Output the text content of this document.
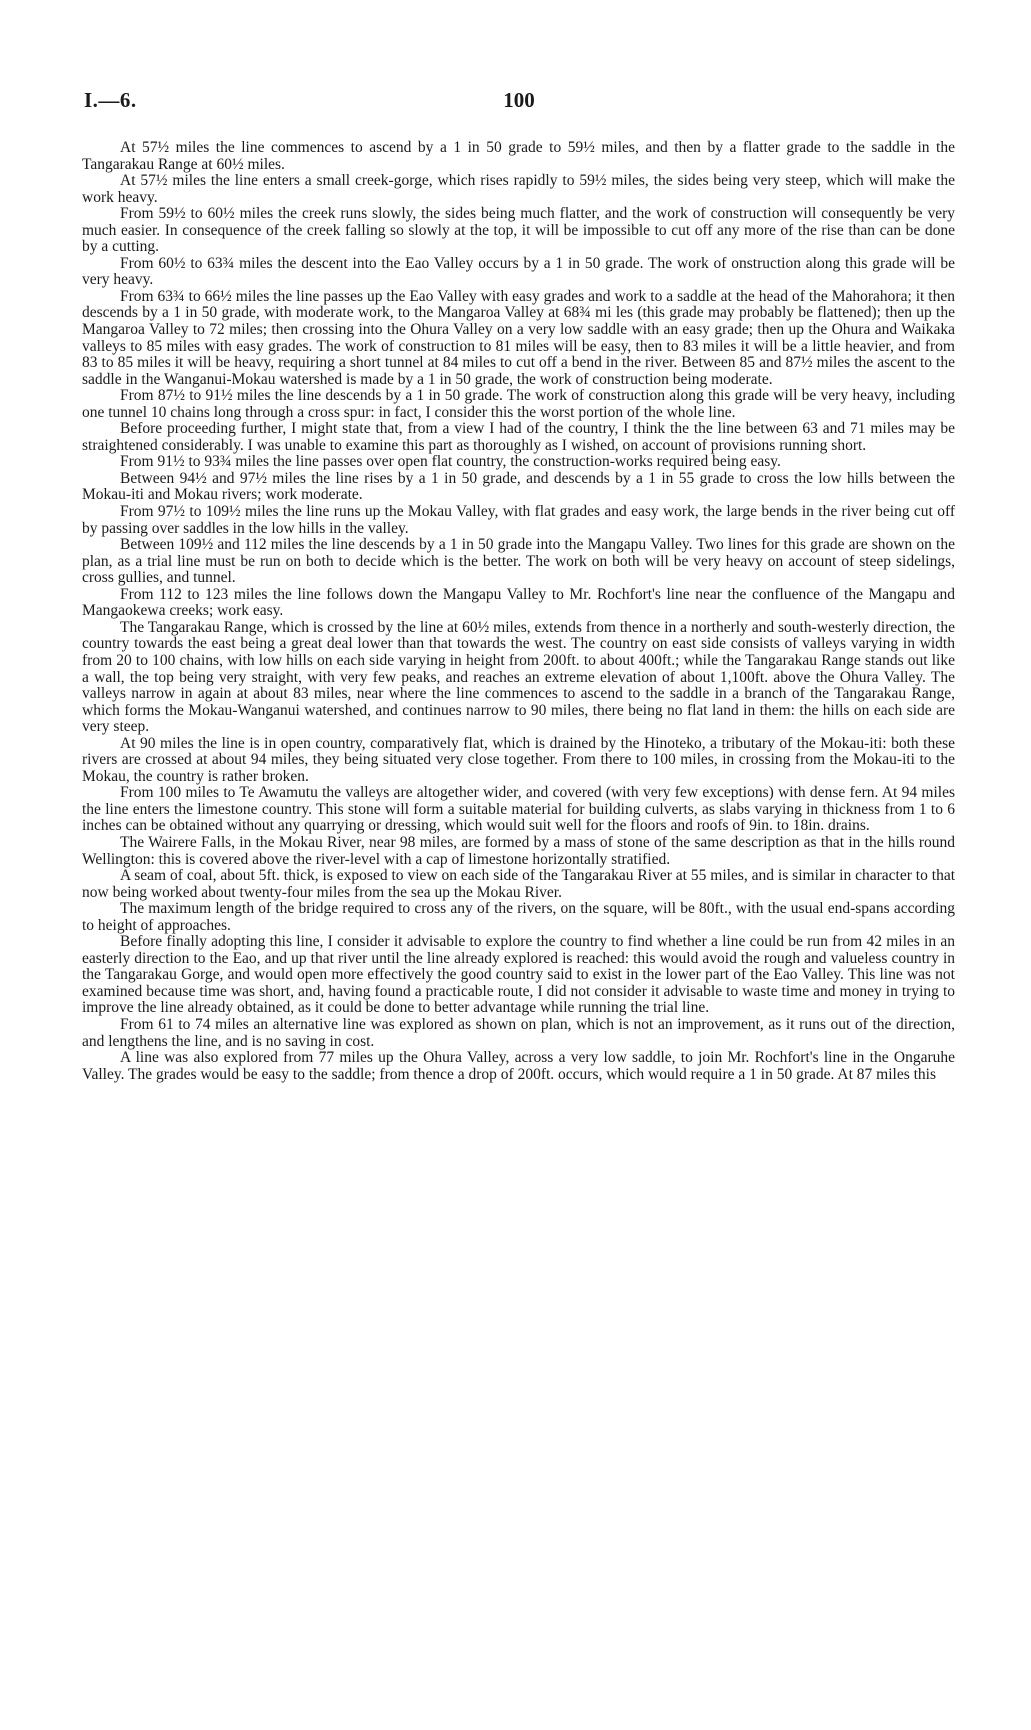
I.—6.	100

At 57½ miles the line commences to ascend by a 1 in 50 grade to 59½ miles, and then by a flatter grade to the saddle in the Tangarakau Range at 60½ miles.

At 57½ miles the line enters a small creek-gorge, which rises rapidly to 59½ miles, the sides being very steep, which will make the work heavy.

From 59½ to 60½ miles the creek runs slowly, the sides being much flatter, and the work of construction will consequently be very much easier. In consequence of the creek falling so slowly at the top, it will be impossible to cut off any more of the rise than can be done by a cutting.

From 60½ to 63¾ miles the descent into the Eao Valley occurs by a 1 in 50 grade. The work of onstruction along this grade will be very heavy.

From 63¾ to 66½ miles the line passes up the Eao Valley with easy grades and work to a saddle at the head of the Mahorahora; it then descends by a 1 in 50 grade, with moderate work, to the Mangaroa Valley at 68¾ mi les (this grade may probably be flattened); then up the Mangaroa Valley to 72 miles; then crossing into the Ohura Valley on a very low saddle with an easy grade; then up the Ohura and Waikaka valleys to 85 miles with easy grades. The work of construction to 81 miles will be easy, then to 83 miles it will be a little heavier, and from 83 to 85 miles it will be heavy, requiring a short tunnel at 84 miles to cut off a bend in the river. Between 85 and 87½ miles the ascent to the saddle in the Wanganui-Mokau watershed is made by a 1 in 50 grade, the work of construction being moderate.

From 87½ to 91½ miles the line descends by a 1 in 50 grade. The work of construction along this grade will be very heavy, including one tunnel 10 chains long through a cross spur: in fact, I consider this the worst portion of the whole line.

Before proceeding further, I might state that, from a view I had of the country, I think the the line between 63 and 71 miles may be straightened considerably. I was unable to examine this part as thoroughly as I wished, on account of provisions running short.

From 91½ to 93¾ miles the line passes over open flat country, the construction-works required being easy.

Between 94½ and 97½ miles the line rises by a 1 in 50 grade, and descends by a 1 in 55 grade to cross the low hills between the Mokau-iti and Mokau rivers; work moderate.

From 97½ to 109½ miles the line runs up the Mokau Valley, with flat grades and easy work, the large bends in the river being cut off by passing over saddles in the low hills in the valley.

Between 109½ and 112 miles the line descends by a 1 in 50 grade into the Mangapu Valley. Two lines for this grade are shown on the plan, as a trial line must be run on both to decide which is the better. The work on both will be very heavy on account of steep sidelings, cross gullies, and tunnel.

From 112 to 123 miles the line follows down the Mangapu Valley to Mr. Rochfort's line near the confluence of the Mangapu and Mangaokewa creeks; work easy.

The Tangarakau Range, which is crossed by the line at 60½ miles, extends from thence in a northerly and south-westerly direction, the country towards the east being a great deal lower than that towards the west. The country on east side consists of valleys varying in width from 20 to 100 chains, with low hills on each side varying in height from 200ft. to about 400ft.; while the Tangarakau Range stands out like a wall, the top being very straight, with very few peaks, and reaches an extreme elevation of about 1,100ft. above the Ohura Valley. The valleys narrow in again at about 83 miles, near where the line commences to ascend to the saddle in a branch of the Tangarakau Range, which forms the Mokau-Wanganui watershed, and continues narrow to 90 miles, there being no flat land in them: the hills on each side are very steep.

At 90 miles the line is in open country, comparatively flat, which is drained by the Hinoteko, a tributary of the Mokau-iti: both these rivers are crossed at about 94 miles, they being situated very close together. From there to 100 miles, in crossing from the Mokau-iti to the Mokau, the country is rather broken.

From 100 miles to Te Awamutu the valleys are altogether wider, and covered (with very few exceptions) with dense fern. At 94 miles the line enters the limestone country. This stone will form a suitable material for building culverts, as slabs varying in thickness from 1 to 6 inches can be obtained without any quarrying or dressing, which would suit well for the floors and roofs of 9in. to 18in. drains.

The Wairere Falls, in the Mokau River, near 98 miles, are formed by a mass of stone of the same description as that in the hills round Wellington: this is covered above the river-level with a cap of limestone horizontally stratified.

A seam of coal, about 5ft. thick, is exposed to view on each side of the Tangarakau River at 55 miles, and is similar in character to that now being worked about twenty-four miles from the sea up the Mokau River.

The maximum length of the bridge required to cross any of the rivers, on the square, will be 80ft., with the usual end-spans according to height of approaches.

Before finally adopting this line, I consider it advisable to explore the country to find whether a line could be run from 42 miles in an easterly direction to the Eao, and up that river until the line already explored is reached: this would avoid the rough and valueless country in the Tangarakau Gorge, and would open more effectively the good country said to exist in the lower part of the Eao Valley. This line was not examined because time was short, and, having found a practicable route, I did not consider it advisable to waste time and money in trying to improve the line already obtained, as it could be done to better advantage while running the trial line.

From 61 to 74 miles an alternative line was explored as shown on plan, which is not an improvement, as it runs out of the direction, and lengthens the line, and is no saving in cost.

A line was also explored from 77 miles up the Ohura Valley, across a very low saddle, to join Mr. Rochfort's line in the Ongaruhe Valley. The grades would be easy to the saddle; from thence a drop of 200ft. occurs, which would require a 1 in 50 grade. At 87 miles this
